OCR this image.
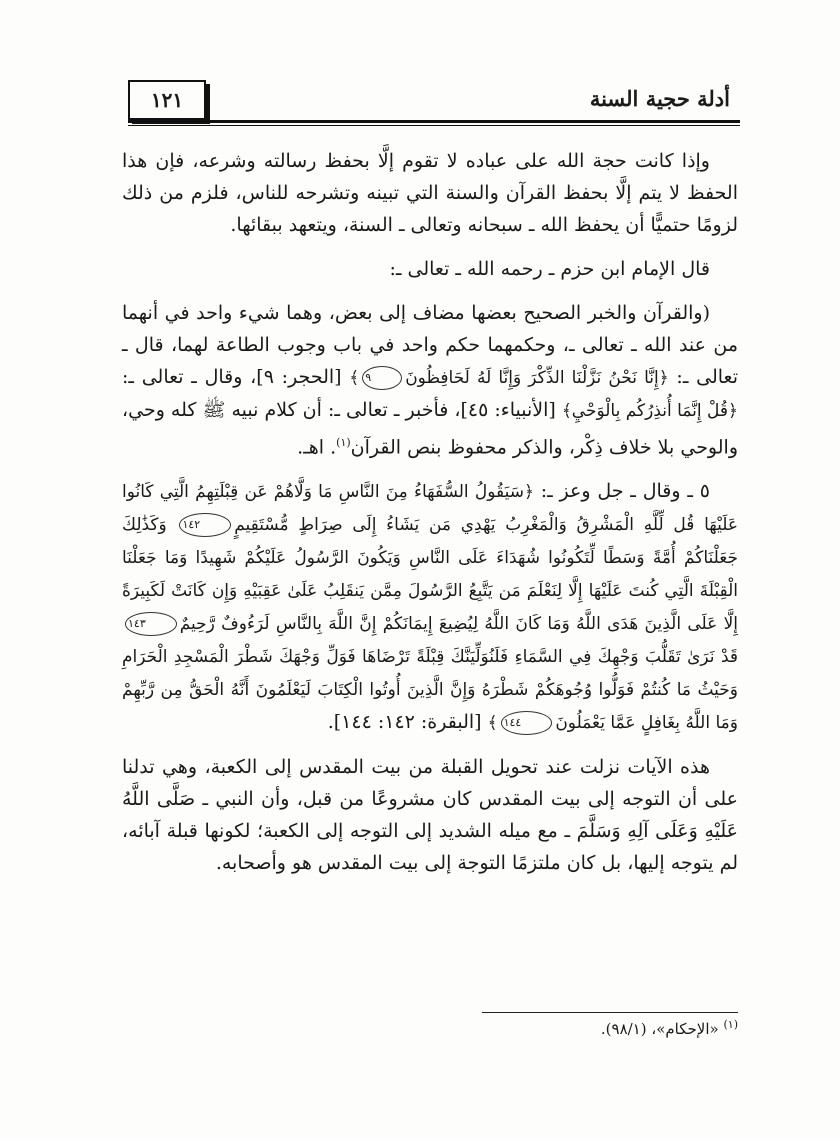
أدلة حجية السنة
١٢١

وإذا كانت حجة الله على عباده لا تقوم إلَّا بحفظ رسالته وشرعه، فإن هذا الحفظ لا يتم إلَّا بحفظ القرآن والسنة التي تبينه وتشرحه للناس، فلزم من ذلك لزومًا حتميًّا أن يحفظ الله ـ سبحانه وتعالى ـ السنة، ويتعهد ببقائها.

قال الإمام ابن حزم ـ رحمه الله ـ تعالى ـ:

(والقرآن والخبر الصحيح بعضها مضاف إلى بعض، وهما شيء واحد في أنهما من عند الله ـ تعالى ـ، وحكمهما حكم واحد في باب وجوب الطاعة لهما، قال ـ تعالى ـ: ﴿إِنَّا نَحْنُ نَزَّلْنَا الذِّكْرَ وَإِنَّا لَهُ لَحَافِظُونَ٩﴾ [الحجر: ٩]، وقال ـ تعالى ـ: ﴿قُلْ إِنَّمَا أُنذِرُكُم بِالْوَحْيِ﴾ [الأنبياء: ٤٥]، فأخبر ـ تعالى ـ: أن كلام نبيه ﷺ كله وحي، والوحي بلا خلاف ذِكْر، والذكر محفوظ بنص القرآن$^{(١)}$. اهـ.

٥ ـ وقال ـ جل وعز ـ: ﴿سَيَقُولُ السُّفَهَاءُ مِنَ النَّاسِ مَا وَلَّاهُمْ عَن قِبْلَتِهِمُ الَّتِي كَانُوا عَلَيْهَا قُل لِّلَّهِ الْمَشْرِقُ وَالْمَغْرِبُ يَهْدِي مَن يَشَاءُ إِلَى صِرَاطٍ مُّسْتَقِيمٍ١٤٢ وَكَذَٰلِكَ جَعَلْنَاكُمْ أُمَّةً وَسَطًا لِّتَكُونُوا شُهَدَاءَ عَلَى النَّاسِ وَيَكُونَ الرَّسُولُ عَلَيْكُمْ شَهِيدًا وَمَا جَعَلْنَا الْقِبْلَةَ الَّتِي كُنتَ عَلَيْهَا إِلَّا لِنَعْلَمَ مَن يَتَّبِعُ الرَّسُولَ مِمَّن يَنقَلِبُ عَلَىٰ عَقِبَيْهِ وَإِن كَانَتْ لَكَبِيرَةً إِلَّا عَلَى الَّذِينَ هَدَى اللَّهُ وَمَا كَانَ اللَّهُ لِيُضِيعَ إِيمَانَكُمْ إِنَّ اللَّهَ بِالنَّاسِ لَرَءُوفٌ رَّحِيمٌ١٤٣ قَدْ نَرَىٰ تَقَلُّبَ وَجْهِكَ فِي السَّمَاءِ فَلَنُوَلِّيَنَّكَ قِبْلَةً تَرْضَاهَا فَوَلِّ وَجْهَكَ شَطْرَ الْمَسْجِدِ الْحَرَامِ وَحَيْثُ مَا كُنتُمْ فَوَلُّوا وُجُوهَكُمْ شَطْرَهُ وَإِنَّ الَّذِينَ أُوتُوا الْكِتَابَ لَيَعْلَمُونَ أَنَّهُ الْحَقُّ مِن رَّبِّهِمْ وَمَا اللَّهُ بِغَافِلٍ عَمَّا يَعْمَلُونَ١٤٤﴾ [البقرة: ١٤٢: ١٤٤].

هذه الآيات نزلت عند تحويل القبلة من بيت المقدس إلى الكعبة، وهي تدلنا على أن التوجه إلى بيت المقدس كان مشروعًا من قبل، وأن النبي ـ صَلَّى اللَّهُ عَلَيْهِ وَعَلَى آلِهِ وَسَلَّمَ ـ مع ميله الشديد إلى التوجه إلى الكعبة؛ لكونها قبلة آبائه، لم يتوجه إليها، بل كان ملتزمًا التوجة إلى بيت المقدس هو وأصحابه.

$^{(١)}$ «الإحكام»، (٩٨/١).
